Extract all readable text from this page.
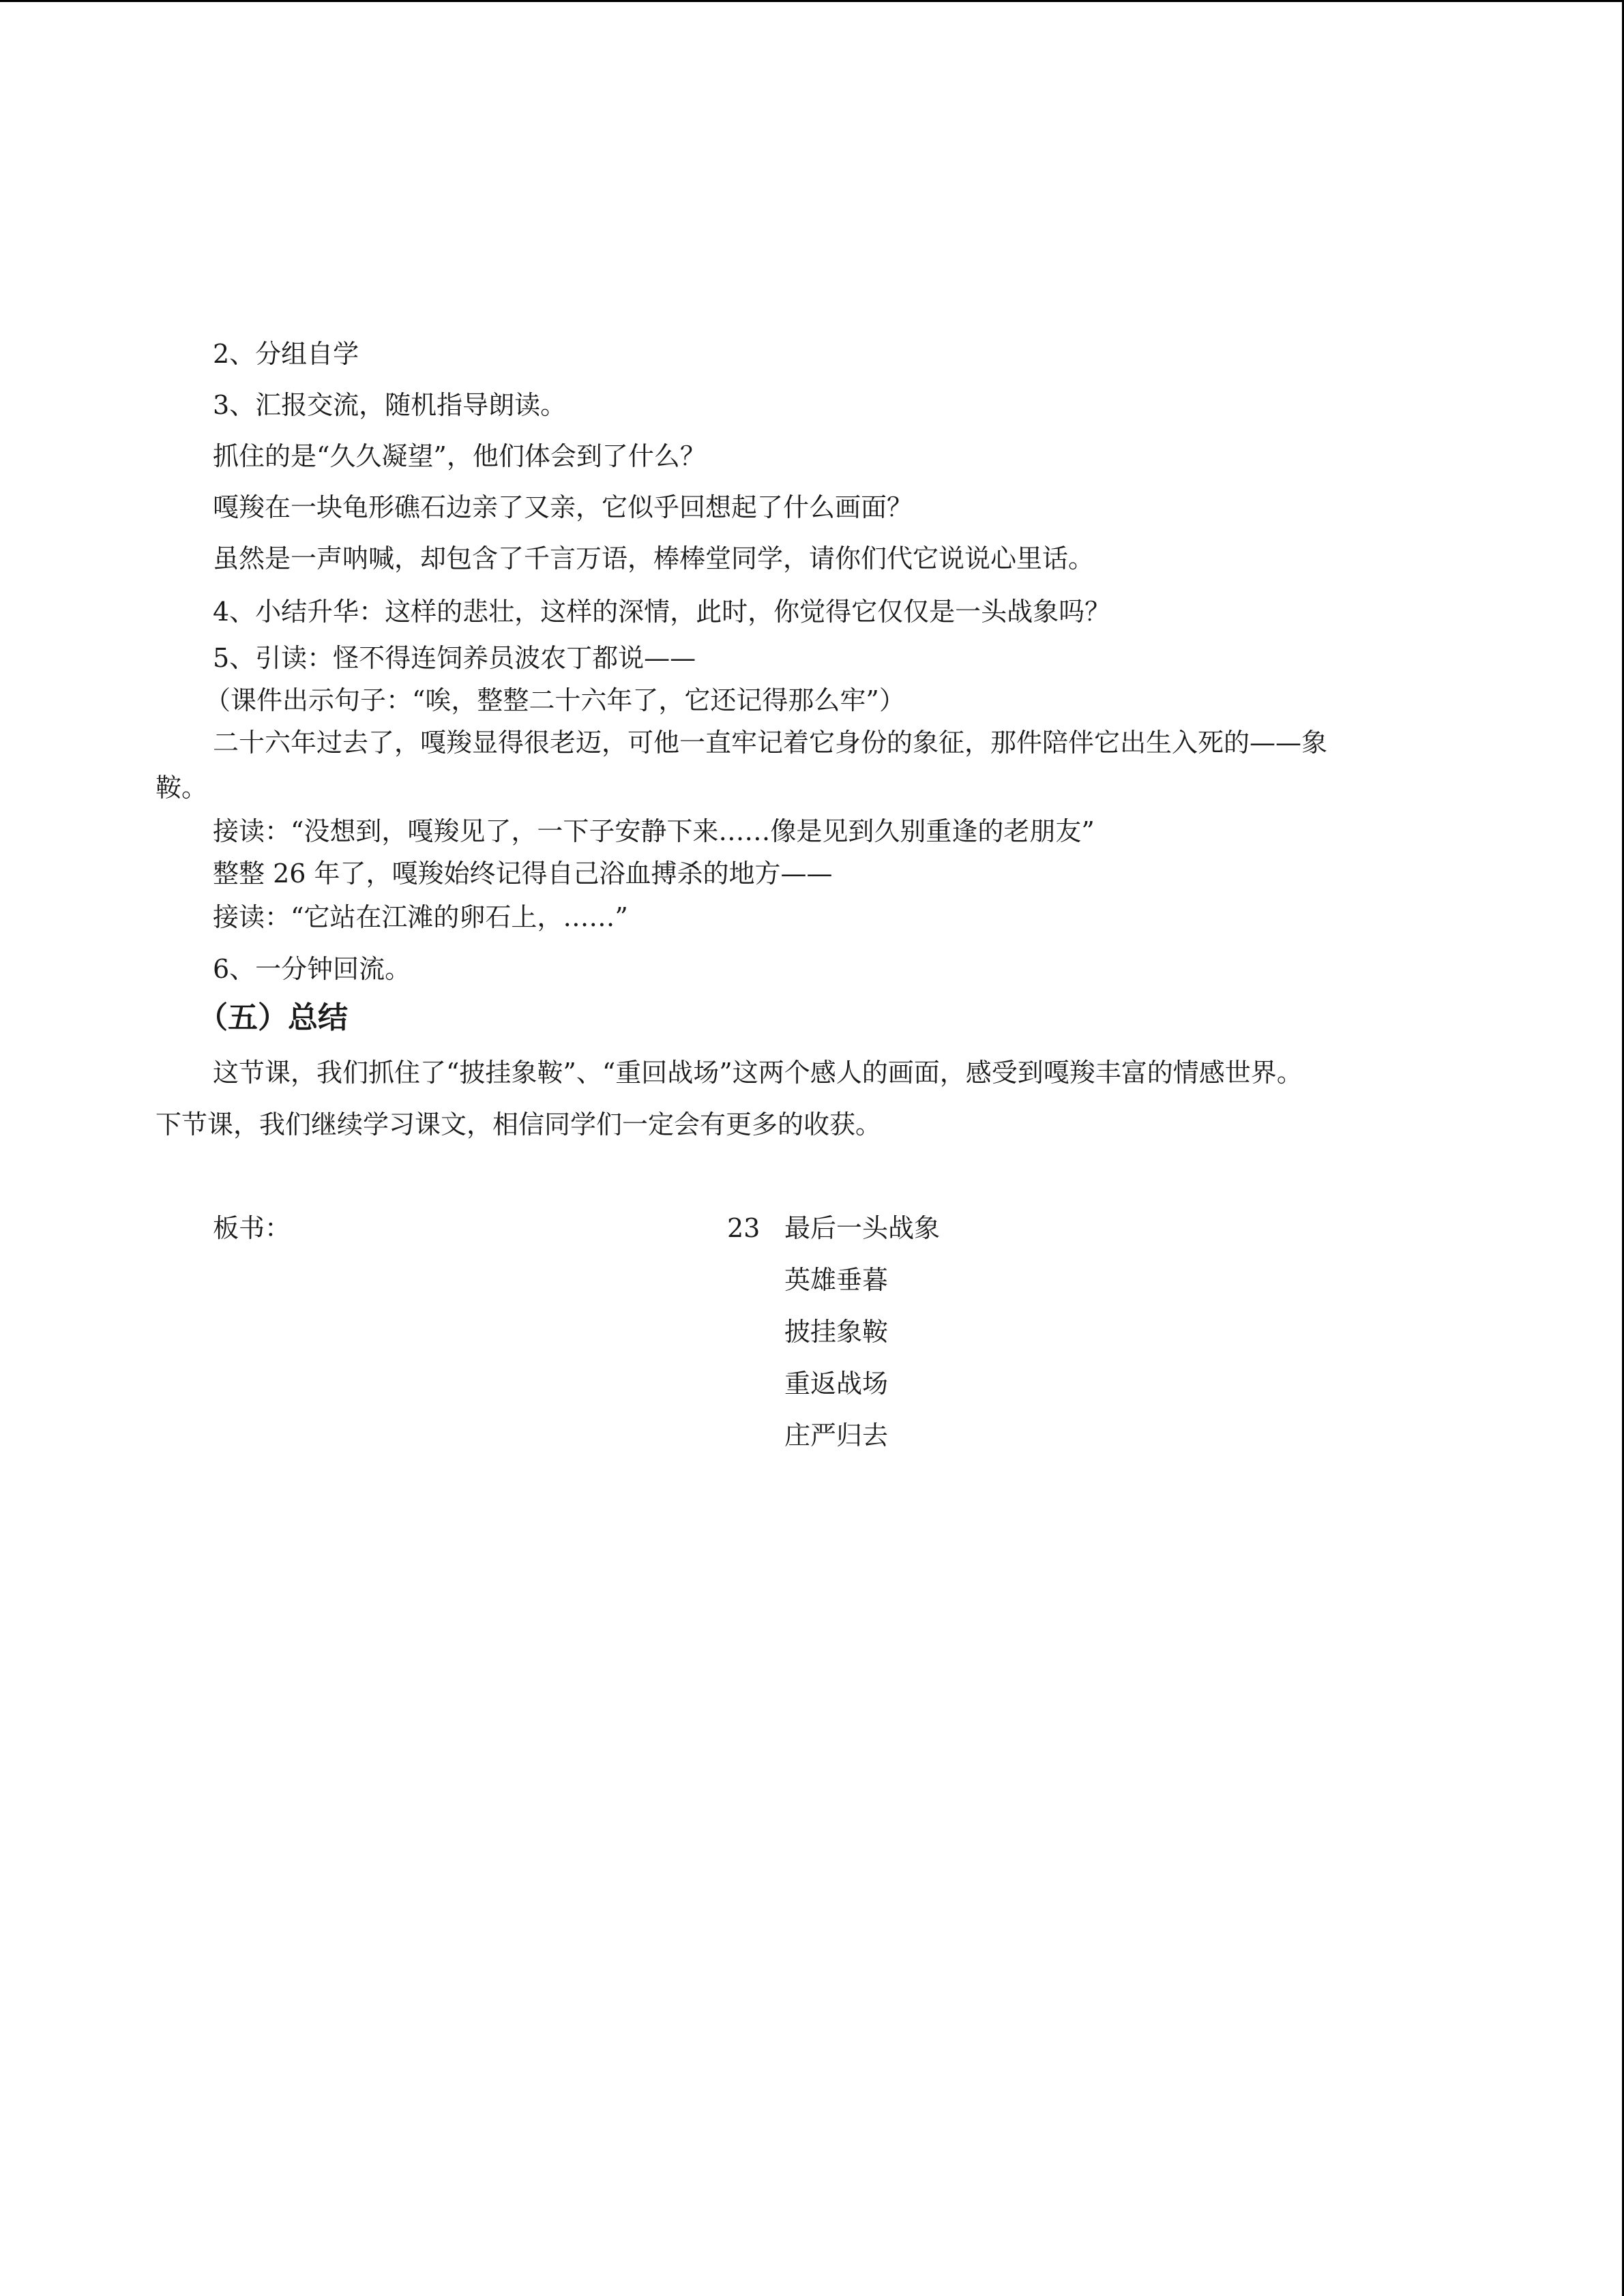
2、分组自学
3、汇报交流，随机指导朗读。
抓住的是“久久凝望”，他们体会到了什么？
嘎羧在一块龟形礁石边亲了又亲，它似乎回想起了什么画面？
虽然是一声呐喊，却包含了千言万语，棒棒堂同学，请你们代它说说心里话。
4、小结升华：这样的悲壮，这样的深情，此时，你觉得它仅仅是一头战象吗？
5、引读：怪不得连饲养员波农丁都说——
（课件出示句子：“唉，整整二十六年了，它还记得那么牢”）
二十六年过去了，嘎羧显得很老迈，可他一直牢记着它身份的象征，那件陪伴它出生入死的——象
鞍。
接读：“没想到，嘎羧见了，一下子安静下来……像是见到久别重逢的老朋友”
整整 26 年了，嘎羧始终记得自己浴血搏杀的地方——
接读：“它站在江滩的卵石上，……”
6、一分钟回流。
（五）总结
这节课，我们抓住了“披挂象鞍”、“重回战场”这两个感人的画面，感受到嘎羧丰富的情感世界。
下节课，我们继续学习课文，相信同学们一定会有更多的收获。
板书：	23 最后一头战象
英雄垂暮
披挂象鞍
重返战场
庄严归去
